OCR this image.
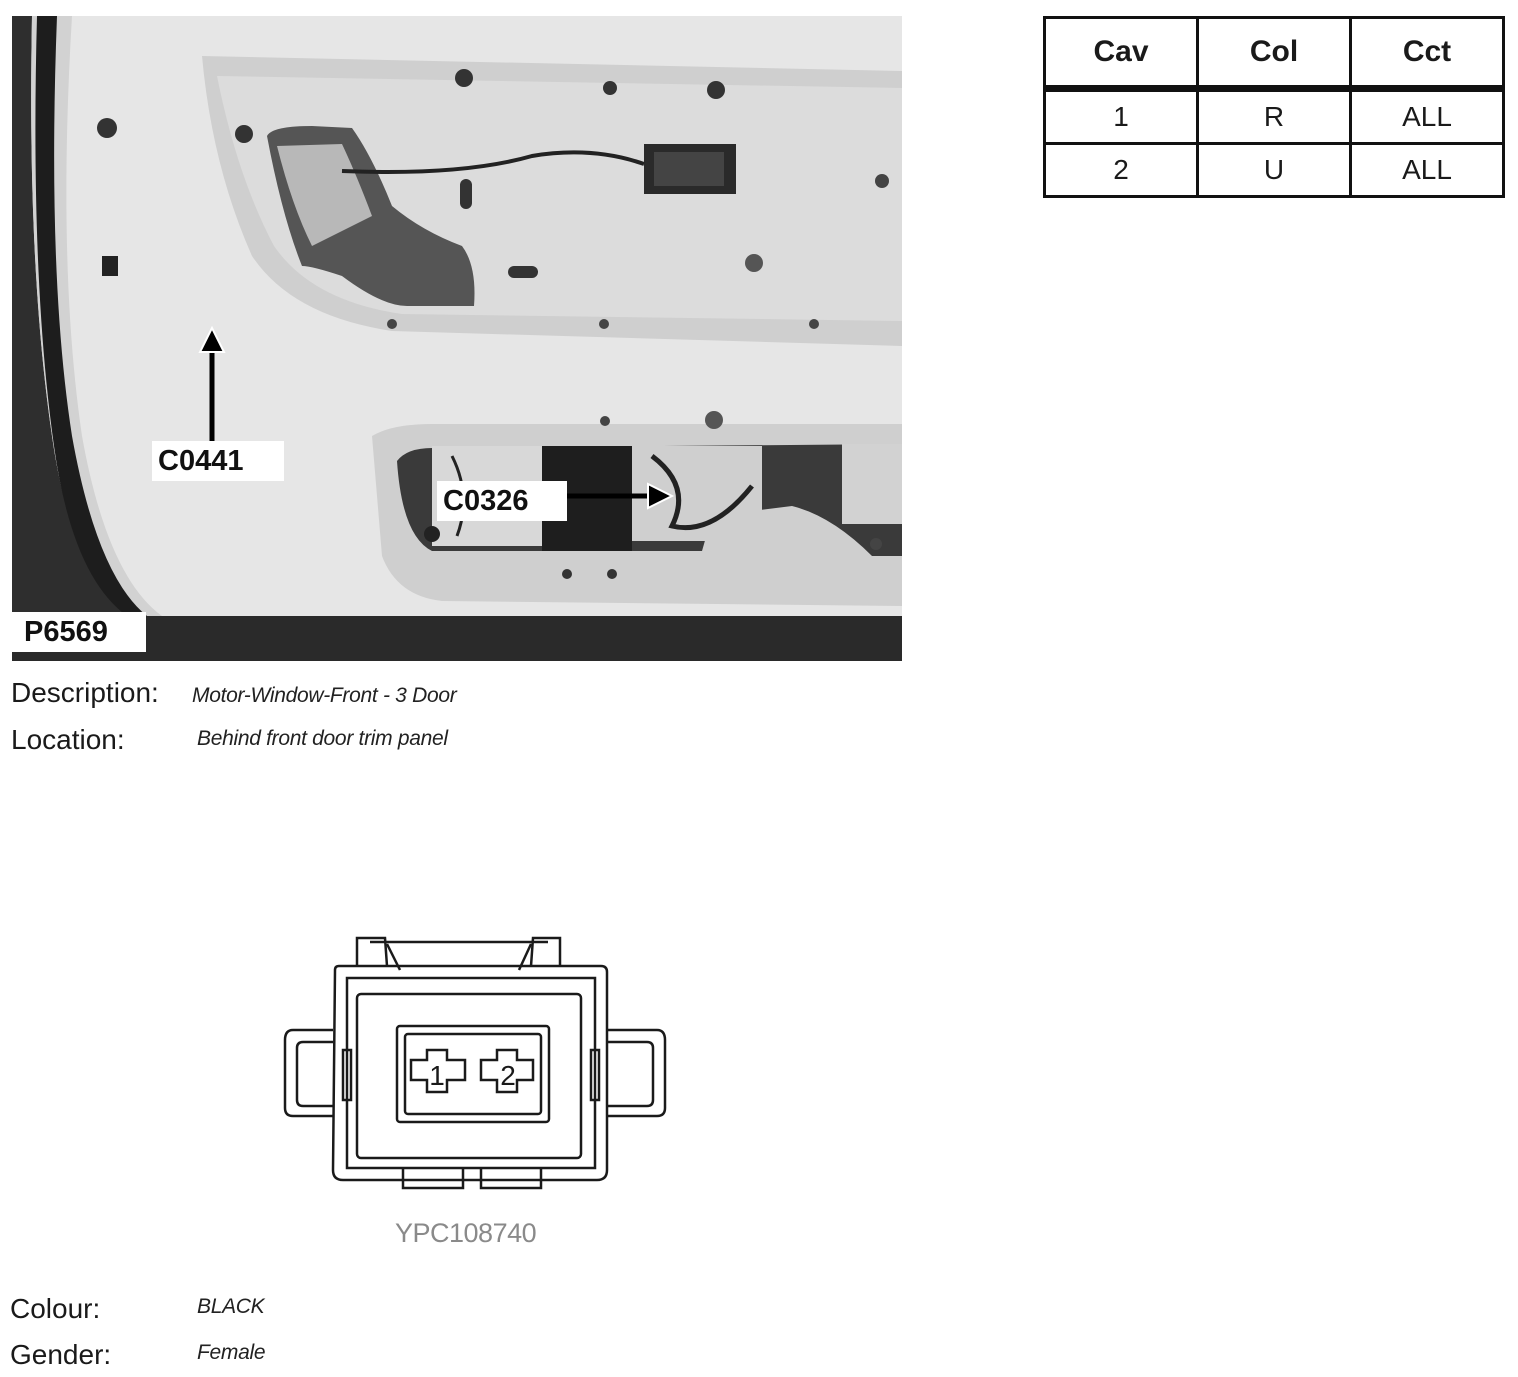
C0441
C0326
P6569
Cav	Col	Cct
1	R	ALL
2	U	ALL
Description: Motor-Window-Front - 3 Door
Location:	Behind front door trim panel
1 2
YPC108740
Colour:	BLACK
Gender:	Female
